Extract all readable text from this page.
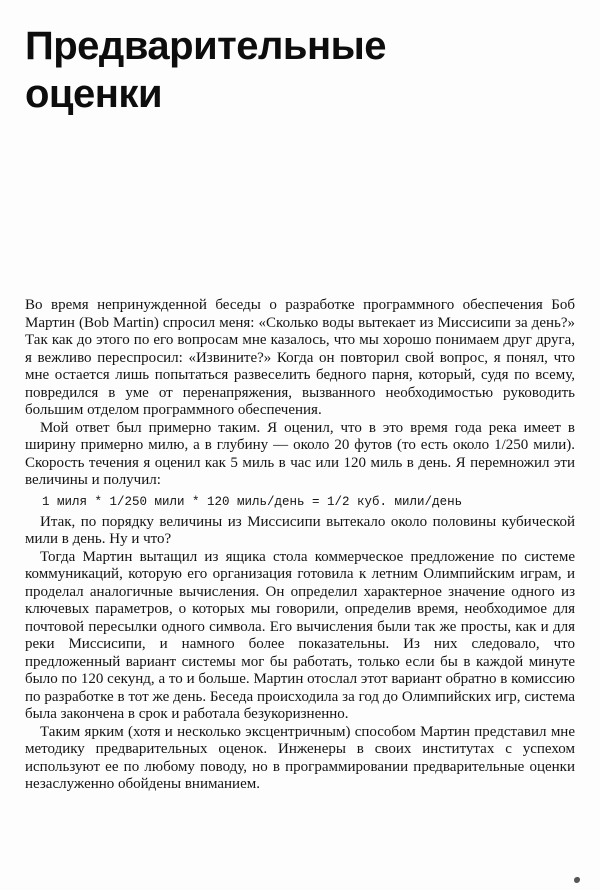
Предварительные
оценки

Во время непринужденной беседы о разработке программного обеспечения Боб Мартин (Bob Martin) спросил меня: «Сколько воды вытекает из Миссисипи за день?» Так как до этого по его вопросам мне казалось, что мы хорошо понимаем друг друга, я вежливо переспросил: «Извините?» Когда он повторил свой вопрос, я понял, что мне остается лишь попытаться развеселить бедного парня, который, судя по всему, повредился в уме от перенапряжения, вызванного необходимостью руководить большим отделом программного обеспечения.

Мой ответ был примерно таким. Я оценил, что в это время года река имеет в ширину примерно милю, а в глубину — около 20 футов (то есть около 1/250 мили). Скорость течения я оценил как 5 миль в час или 120 миль в день. Я перемножил эти величины и получил:

1 миля * 1/250 мили * 120 миль/день = 1/2 куб. мили/день

Итак, по порядку величины из Миссисипи вытекало около половины кубической мили в день. Ну и что?

Тогда Мартин вытащил из ящика стола коммерческое предложение по системе коммуникаций, которую его организация готовила к летним Олимпийским играм, и проделал аналогичные вычисления. Он определил характерное значение одного из ключевых параметров, о которых мы говорили, определив время, необходимое для почтовой пересылки одного символа. Его вычисления были так же просты, как и для реки Миссисипи, и намного более показательны. Из них следовало, что предложенный вариант системы мог бы работать, только если бы в каждой минуте было по 120 секунд, а то и больше. Мартин отослал этот вариант обратно в комиссию по разработке в тот же день. Беседа происходила за год до Олимпийских игр, система была закончена в срок и работала безукоризненно.

Таким ярким (хотя и несколько эксцентричным) способом Мартин представил мне методику предварительных оценок. Инженеры в своих институтах с успехом используют ее по любому поводу, но в программировании предварительные оценки незаслуженно обойдены вниманием.
